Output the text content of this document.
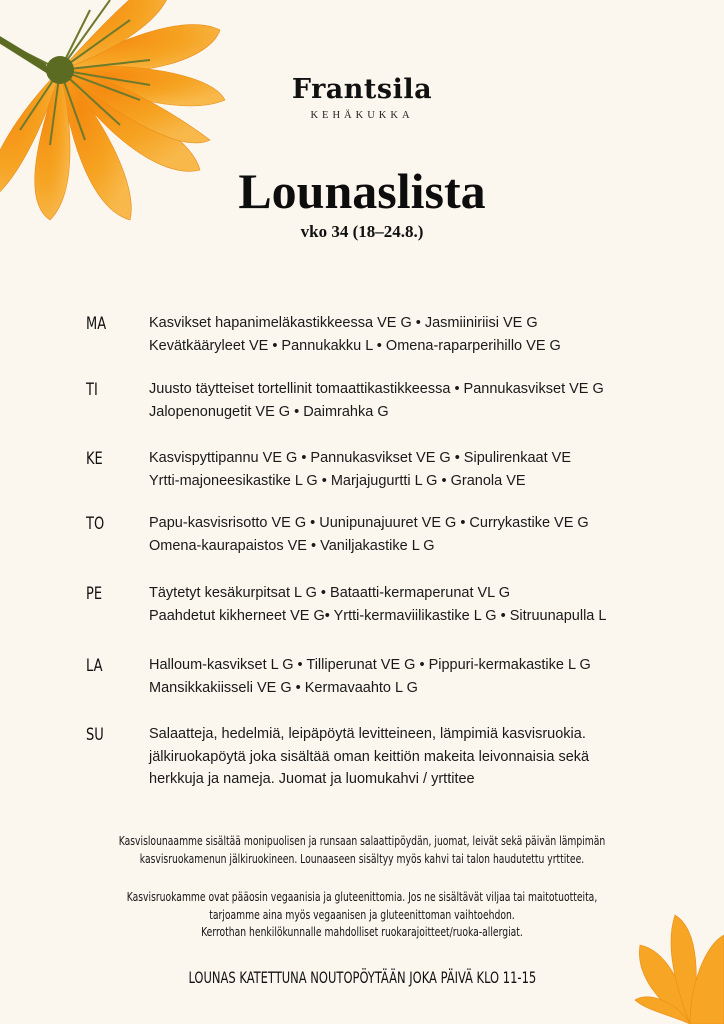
Frantsila
KEHÄKUKKA
Lounaslista
vko 34 (18–24.8.)
MA	Kasvikset hapanimeläkastikkeessa VE G • Jasmiiniriisi VE G
Kevätkääryleet VE • Pannukakku L • Omena-raparperihillo VE G
TI	Juusto täytteiset tortellinit tomaattikastikkeessa • Pannukasvikset VE G
Jalopenonugetit VE G • Daimrahka G
KE	Kasvispyttipannu VE G • Pannukasvikset VE G • Sipulirenkaat VE
Yrtti-majoneesikastike L G • Marjajugurtti L G • Granola VE
TO	Papu-kasvisrisotto VE G • Uunipunajuuret VE G • Currykastike VE G
Omena-kaurapaistos VE • Vaniljakastike L G
PE	Täytetyt kesäkurpitsat L G • Bataatti-kermaperunat VL G
Paahdetut kikherneet VE G• Yrtti-kermaviilikastike L G • Sitruunapulla L
LA	Halloum-kasvikset L G • Tilliperunat VE G • Pippuri-kermakastike L G
Mansikkakiisseli VE G • Kermavaahto L G
SU	Salaatteja, hedelmiä, leipäpöytä levitteineen, lämpimiä kasvisruokia.
jälkiruokapöytä joka sisältää oman keittiön makeita leivonnaisia sekä
herkkuja ja nameja. Juomat ja luomukahvi / yrttitee
Kasvislounaamme sisältää monipuolisen ja runsaan salaattipöydän, juomat, leivät sekä päivän lämpimän
kasvisruokamenun jälkiruokineen. Lounaaseen sisältyy myös kahvi tai talon haudutettu yrttitee.
Kasvisruokamme ovat pääosin vegaanisia ja gluteenittomia. Jos ne sisältävät viljaa tai maitotuotteita,
tarjoamme aina myös vegaanisen ja gluteenittoman vaihtoehdon.
Kerrothan henkilökunnalle mahdolliset ruokarajoitteet/ruoka-allergiat.
LOUNAS KATETTUNA NOUTOPÖYTÄÄN JOKA PÄIVÄ KLO 11-15
